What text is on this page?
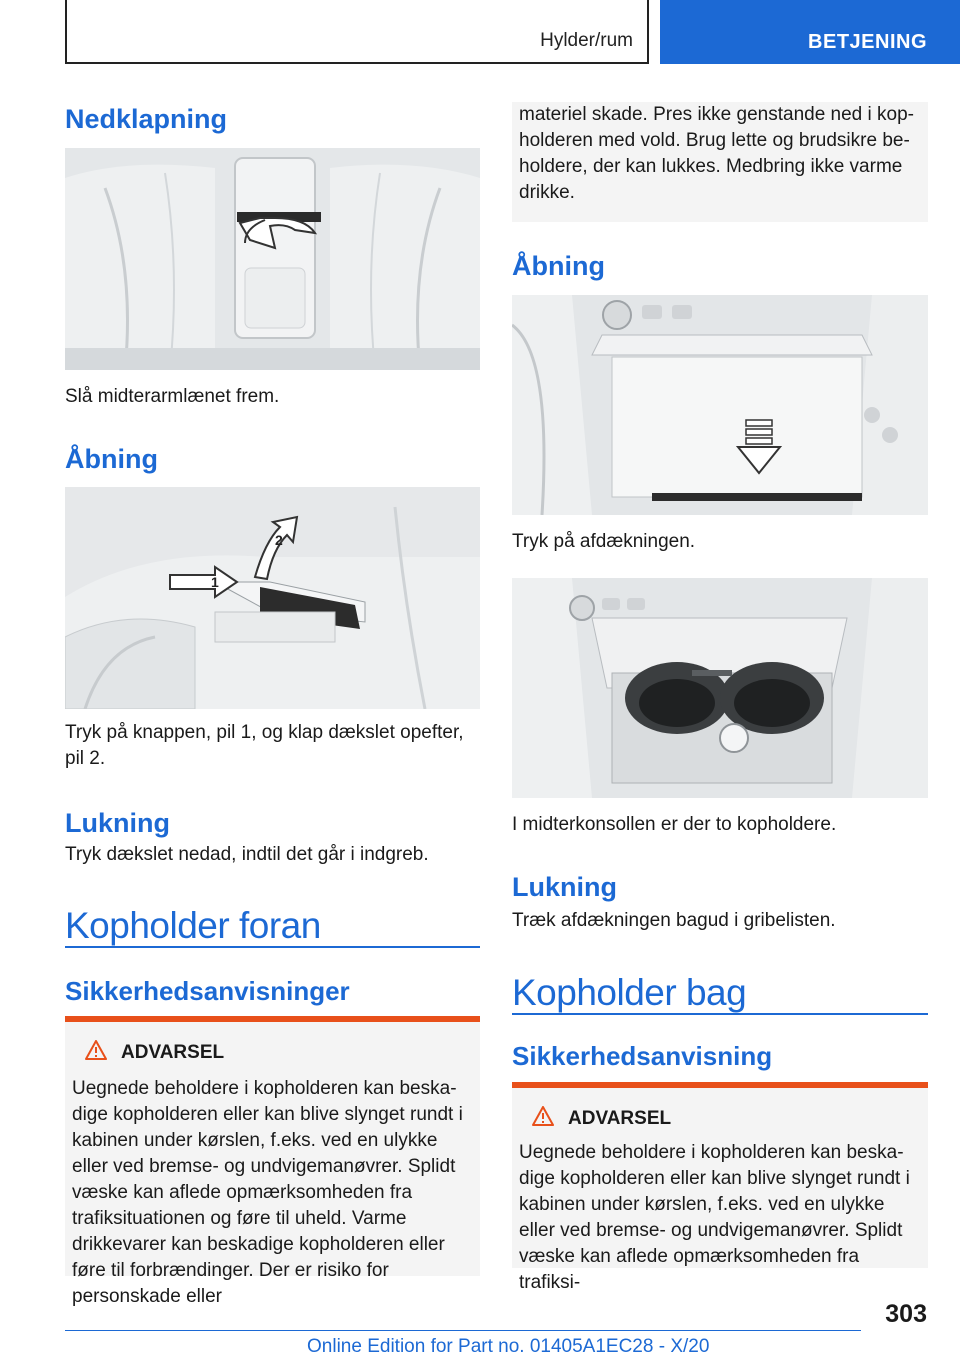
Hylder/rum	BETJENING
Nedklapning
Slå midterarmlænet frem.
Åbning
1
2
Tryk på knappen, pil 1, og klap dækslet opefter, pil 2.
Lukning
Tryk dækslet nedad, indtil det går i indgreb.
Kopholder foran
Sikkerhedsanvisninger
ADVARSEL
Uegnede beholdere i kopholderen kan beskadige kopholderen eller kan blive slynget rundt i kabinen under kørslen, f.eks. ved en ulykke eller ved bremse- og undvigemanøvrer. Splidt væske kan aflede opmærksomheden fra trafiksituationen og føre til uheld. Varme drikkevarer kan beskadige kopholderen eller føre til forbrændinger. Der er risiko for personskade eller
materiel skade. Pres ikke genstande ned i kopholderen med vold. Brug lette og brudsikre beholdere, der kan lukkes. Medbring ikke varme drikke.
Åbning
Tryk på afdækningen.
I midterkonsollen er der to kopholdere.
Lukning
Træk afdækningen bagud i gribelisten.
Kopholder bag
Sikkerhedsanvisning
ADVARSEL
Uegnede beholdere i kopholderen kan beskadige kopholderen eller kan blive slynget rundt i kabinen under kørslen, f.eks. ved en ulykke eller ved bremse- og undvigemanøvrer. Splidt væske kan aflede opmærksomheden fra trafiksi-
303
Online Edition for Part no. 01405A1EC28 - X/20
